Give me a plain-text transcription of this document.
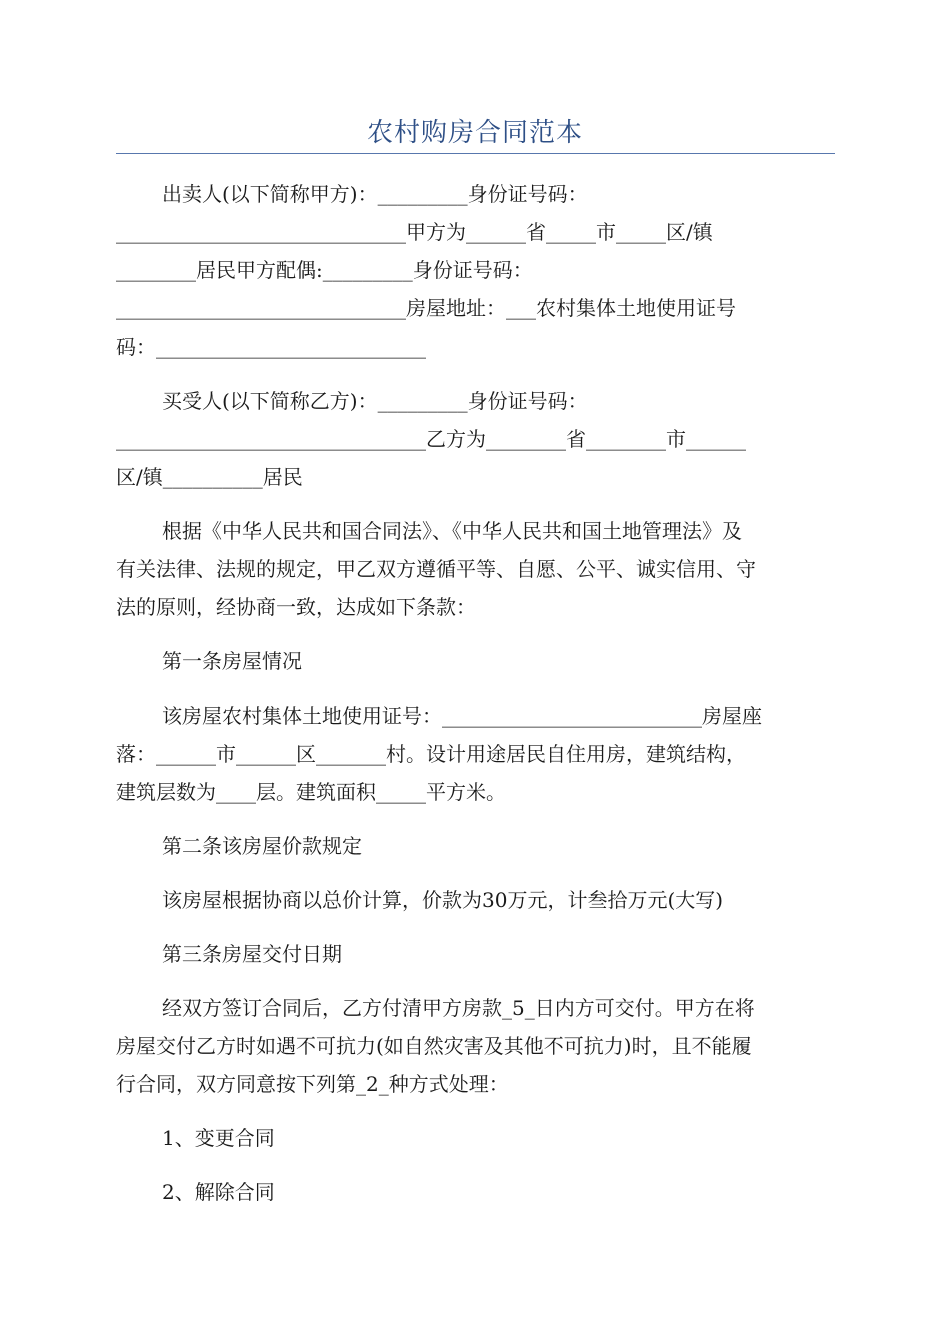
农村购房合同范本
出卖人(以下简称甲方)：_________身份证号码：
_____________________________甲方为______省_____市_____区/镇
________居民甲方配偶:_________身份证号码：
_____________________________房屋地址：___农村集体土地使用证号
码：___________________________
买受人(以下简称乙方)：_________身份证号码：
_______________________________乙方为________省________市______
区/镇__________居民
根据《中华人民共和国合同法》、《中华人民共和国土地管理法》及
有关法律、法规的规定，甲乙双方遵循平等、自愿、公平、诚实信用、守
法的原则，经协商一致，达成如下条款：
第一条房屋情况
该房屋农村集体土地使用证号：__________________________房屋座
落：______市______区_______村。设计用途居民自住用房，建筑结构，
建筑层数为____层。建筑面积_____平方米。
第二条该房屋价款规定
该房屋根据协商以总价计算，价款为30万元，计叁拾万元(大写)
第三条房屋交付日期
经双方签订合同后，乙方付清甲方房款_5_日内方可交付。甲方在将
房屋交付乙方时如遇不可抗力(如自然灾害及其他不可抗力)时，且不能履
行合同，双方同意按下列第_2_种方式处理：
1、变更合同
2、解除合同
